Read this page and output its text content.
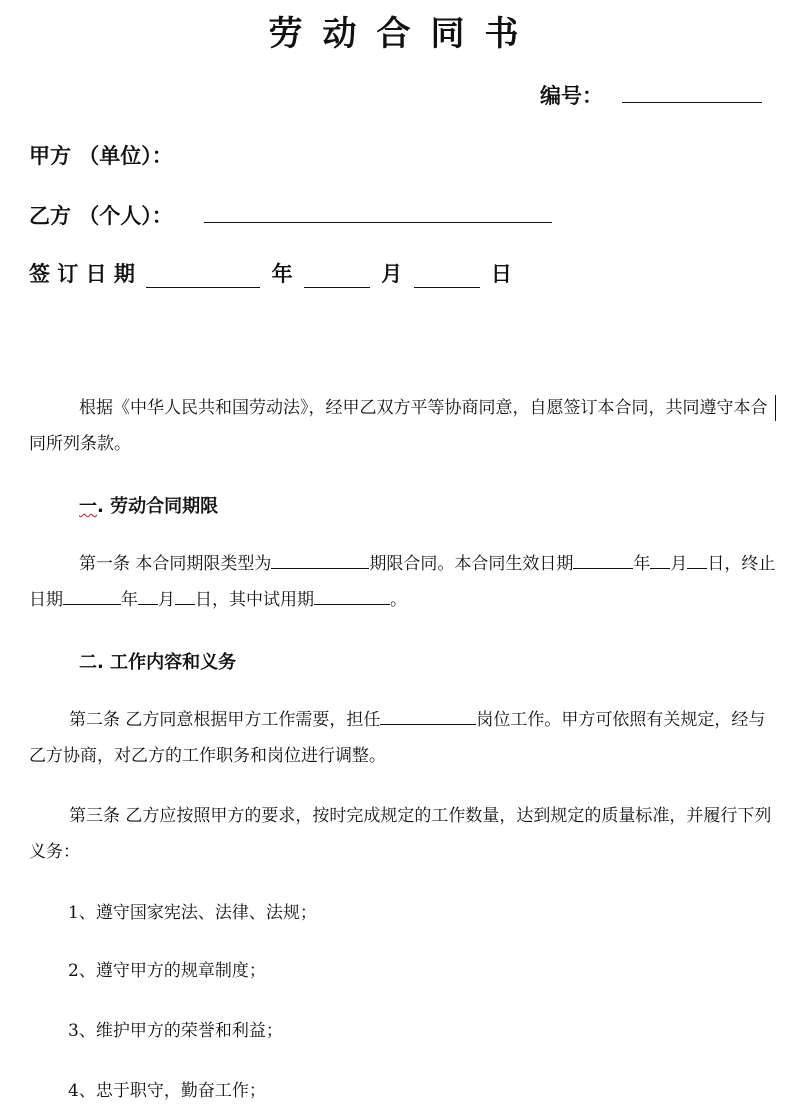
劳动合同书
编号：
甲方 （单位）：
乙方 （个人）：
签 订 日 期	年	月	日
根据《中华人民共和国劳动法》，经甲乙双方平等协商同意，自愿签订本合同，共同遵守本合同所列条款。
一. 劳动合同期限
第一条 本合同期限类型为	期限合同。本合同生效日期	年 月 日，终止日期	年 月 日，其中试用期	。
二. 工作内容和义务
第二条 乙方同意根据甲方工作需要，担任	岗位工作。甲方可依照有关规定，经与乙方协商，对乙方的工作职务和岗位进行调整。
第三条 乙方应按照甲方的要求，按时完成规定的工作数量，达到规定的质量标准，并履行下列义务：
1、遵守国家宪法、法律、法规；
2、遵守甲方的规章制度；
3、维护甲方的荣誉和利益；
4、忠于职守，勤奋工作；
